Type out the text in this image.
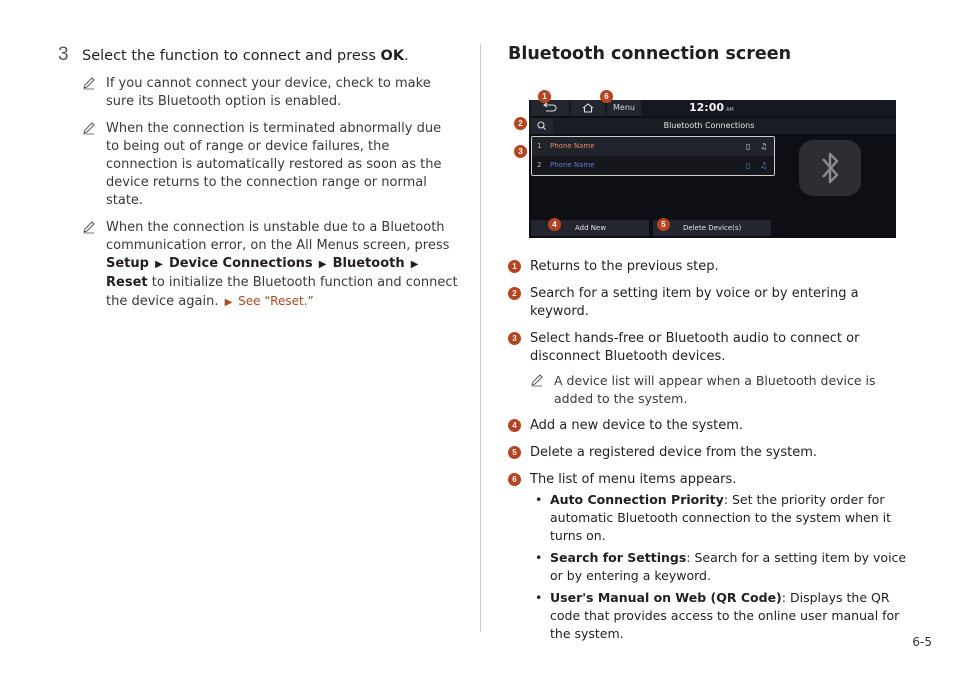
3 Select the function to connect and press OK.
If you cannot connect your device, check to make sure its Bluetooth option is enabled.
When the connection is terminated abnormally due to being out of range or device failures, the connection is automatically restored as soon as the device returns to the connection range or normal state.
When the connection is unstable due to a Bluetooth communication error, on the All Menus screen, press Setup ▶ Device Connections ▶ Bluetooth ▶ Reset to initialize the Bluetooth function and connect the device again. ▶ See “Reset.”
Bluetooth connection screen
Menu	12:00 AM
Bluetooth Connections
1 Phone Name	▯ ♫
2 Phone Name	▯ ♫
Add New	Delete Device(s)
1	6
2
3
4	5
1	Returns to the previous step.
2	Search for a setting item by voice or by entering a keyword.
3	Select hands-free or Bluetooth audio to connect or disconnect Bluetooth devices.
A device list will appear when a Bluetooth device is added to the system.
4	Add a new device to the system.
5	Delete a registered device from the system.
6	The list of menu items appears.
• Auto Connection Priority: Set the priority order for automatic Bluetooth connection to the system when it turns on.
• Search for Settings: Search for a setting item by voice or by entering a keyword.
• User's Manual on Web (QR Code): Displays the QR code that provides access to the online user manual for the system.
6-5
